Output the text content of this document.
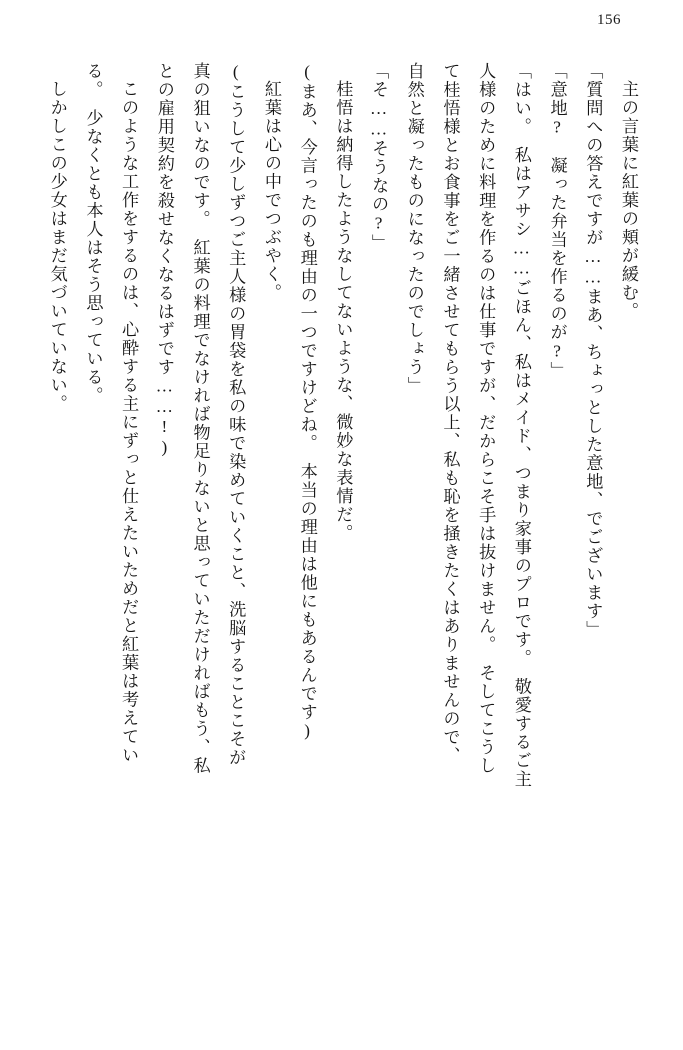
156
主の言葉に紅葉の頬が緩む。
「質問への答えですが……まあ、ちょっとした意地、でございます」
「意地?　凝った弁当を作るのが?」
「はい。　私はアサシ……ごほん、私はメイド、つまり家事のプロです。　敬愛するご主
人様のために料理を作るのは仕事ですが、だからこそ手は抜けません。　そしてこうし
て桂悟様とお食事をご一緒させてもらう以上、私も恥を掻きたくはありませんので、
自然と凝ったものになったのでしょう」
「そ……そうなの?」
桂悟は納得したようなしてないような、微妙な表情だ。
(まあ、今言ったのも理由の一つですけどね。　本当の理由は他にもあるんです)
紅葉は心の中でつぶやく。
(こうして少しずつご主人様の胃袋を私の味で染めていくこと、洗脳することこそが
真の狙いなのです。　紅葉の料理でなければ物足りないと思っていただければもう、私
との雇用契約を殺せなくなるはずです……!)
このような工作をするのは、心酔する主にずっと仕えたいためだと紅葉は考えてい
る。　少なくとも本人はそう思っている。
しかしこの少女はまだ気づいていない。
